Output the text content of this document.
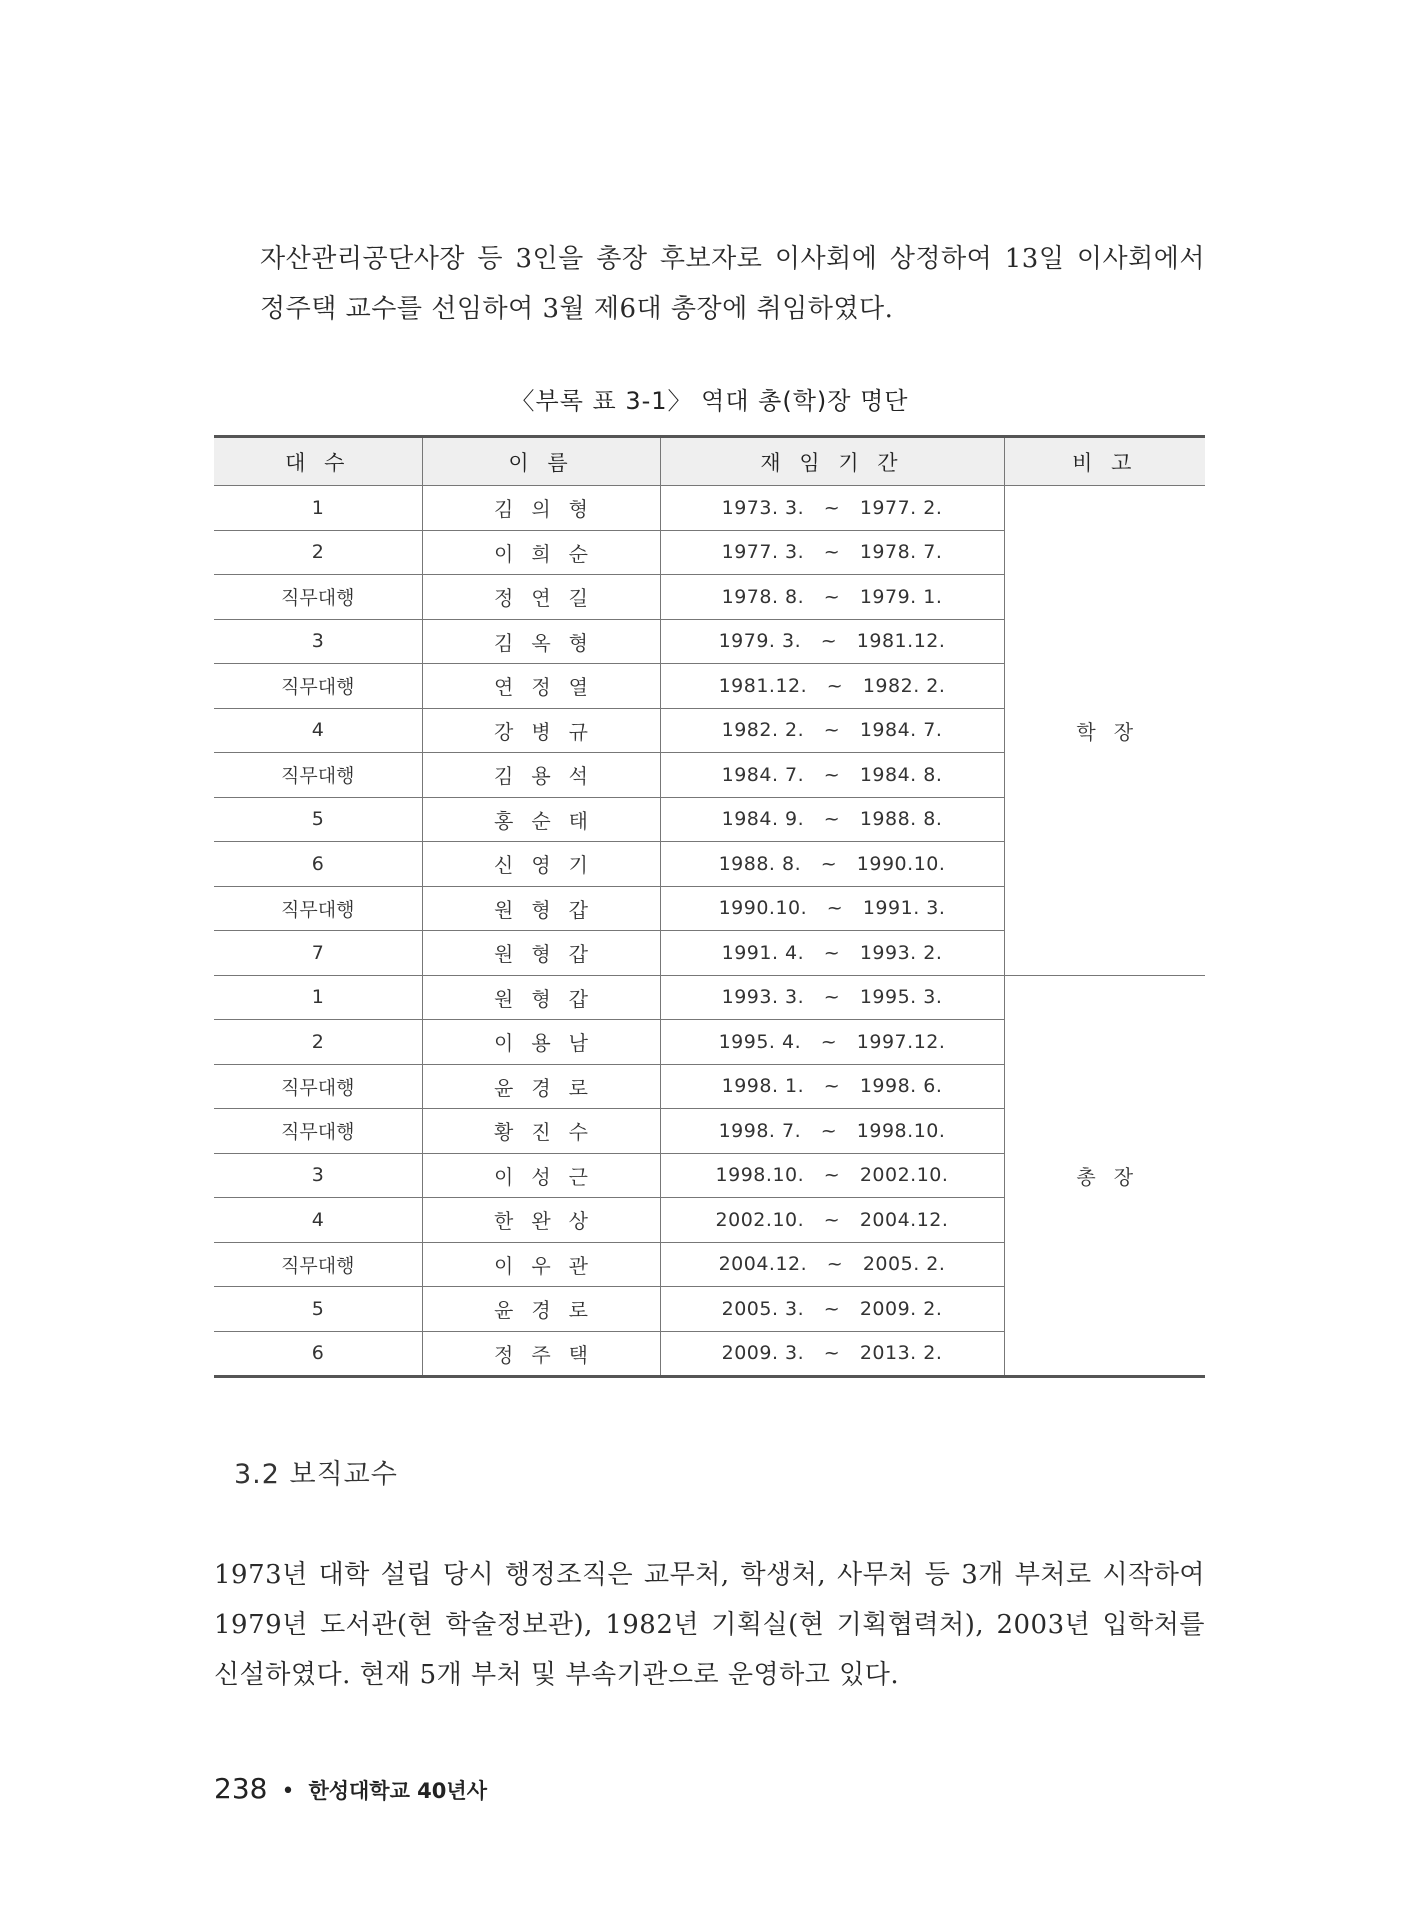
자산관리공단사장 등 3인을 총장 후보자로 이사회에 상정하여 13일 이사회에서 정주택 교수를 선임하여 3월 제6대 총장에 취임하였다.

〈부록 표 3-1〉 역대 총(학)장 명단
대 수	이 름	재 임 기 간	비 고
1	김의형	1973. 3.   ~   1977. 2.	학장
2	이희순	1977. 3.   ~   1978. 7.	
직무대행	정연길	1978. 8.   ~   1979. 1.	
3	김옥형	1979. 3.   ~   1981.12.	
직무대행	연정열	1981.12.   ~   1982. 2.	
4	강병규	1982. 2.   ~   1984. 7.	
직무대행	김용석	1984. 7.   ~   1984. 8.	
5	홍순태	1984. 9.   ~   1988. 8.	
6	신영기	1988. 8.   ~   1990.10.	
직무대행	원형갑	1990.10.   ~   1991. 3.	
7	원형갑	1991. 4.   ~   1993. 2.	
1	원형갑	1993. 3.   ~   1995. 3.	총장
2	이용남	1995. 4.   ~   1997.12.	
직무대행	윤경로	1998. 1.   ~   1998. 6.	
직무대행	황진수	1998. 7.   ~   1998.10.	
3	이성근	1998.10.   ~   2002.10.	
4	한완상	2002.10.   ~   2004.12.	
직무대행	이우관	2004.12.   ~   2005. 2.	
5	윤경로	2005. 3.   ~   2009. 2.	
6	정주택	2009. 3.   ~   2013. 2.	
3.2 보직교수

1973년 대학 설립 당시 행정조직은 교무처, 학생처, 사무처 등 3개 부처로 시작하여 1979년 도서관(현 학술정보관), 1982년 기획실(현 기획협력처), 2003년 입학처를 신설하였다. 현재 5개 부처 및 부속기관으로 운영하고 있다.

238 • 한성대학교 40년사
